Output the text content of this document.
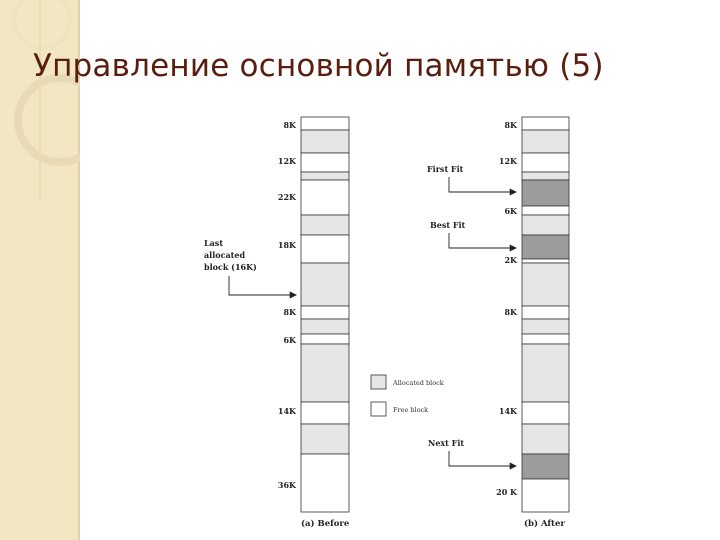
Управление основной памятью (5)
8K
12K
22K
18K
8K
6K
14K
36K
Last
allocated
block (16K)
(a) Before
Allocated block
Free block
8K
12K
6K
2K
8K
14K
20 K
First Fit
Best Fit
Next Fit
(b) After
